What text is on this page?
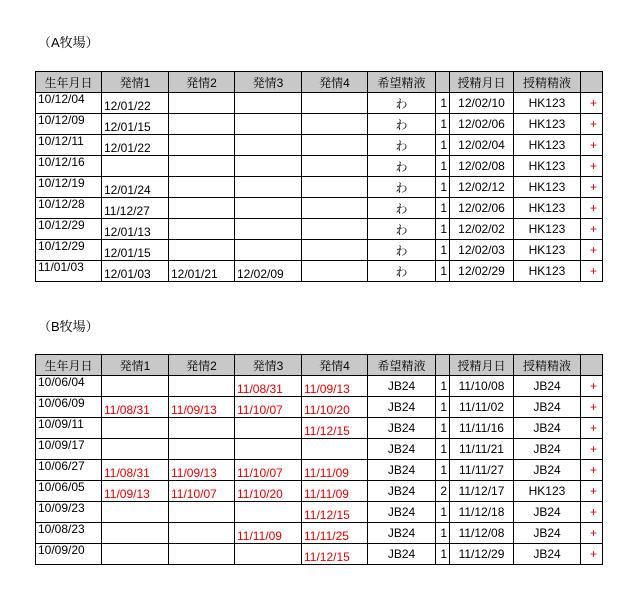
（A牧場）
生年月日	発情1	発情2	発情3	発情4	希望精液		授精月日	授精精液	
10/12/04	12/01/22				わ	1	12/02/10	HK123	+
10/12/09	12/01/15				わ	1	12/02/06	HK123	+
10/12/11	12/01/22				わ	1	12/02/04	HK123	+
10/12/16					わ	1	12/02/08	HK123	+
10/12/19	12/01/24				わ	1	12/02/12	HK123	+
10/12/28	11/12/27				わ	1	12/02/06	HK123	+
10/12/29	12/01/13				わ	1	12/02/02	HK123	+
10/12/29	12/01/15				わ	1	12/02/03	HK123	+
11/01/03	12/01/03	12/01/21	12/02/09		わ	1	12/02/29	HK123	+
（B牧場）
生年月日	発情1	発情2	発情3	発情4	希望精液		授精月日	授精精液	
10/06/04			11/08/31	11/09/13	JB24	1	11/10/08	JB24	+
10/06/09	11/08/31	11/09/13	11/10/07	11/10/20	JB24	1	11/11/02	JB24	+
10/09/11				11/12/15	JB24	1	11/11/16	JB24	+
10/09/17					JB24	1	11/11/21	JB24	+
10/06/27	11/08/31	11/09/13	11/10/07	11/11/09	JB24	1	11/11/27	JB24	+
10/06/05	11/09/13	11/10/07	11/10/20	11/11/09	JB24	2	11/12/17	HK123	+
10/09/23				11/12/15	JB24	1	11/12/18	JB24	+
10/08/23			11/11/09	11/11/25	JB24	1	11/12/08	JB24	+
10/09/20				11/12/15	JB24	1	11/12/29	JB24	+
